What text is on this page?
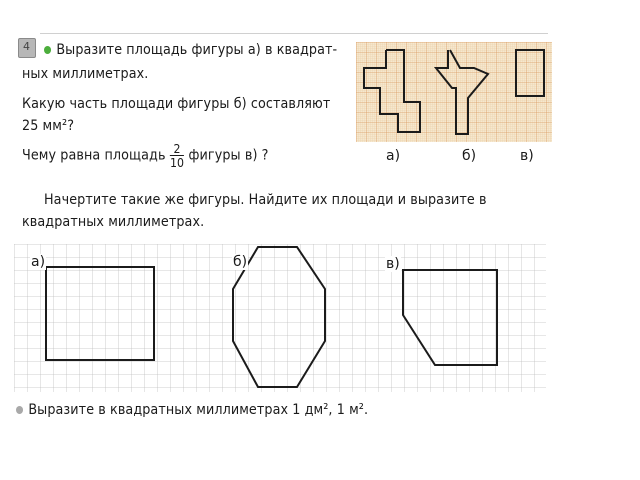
4	Выразите площадь фигуры а) в квадрат-
ных миллиметрах.
Какую часть площади фигуры б) составляют
25 мм²?
Чему равна площадь $\frac{2}{10}$ фигуры в) ?	а)	б)	в)
Начертите такие же фигуры. Найдите их площади и выразите в
квадратных миллиметрах.
а)	б)	в)
Выразите в квадратных миллиметрах 1 дм², 1 м².
